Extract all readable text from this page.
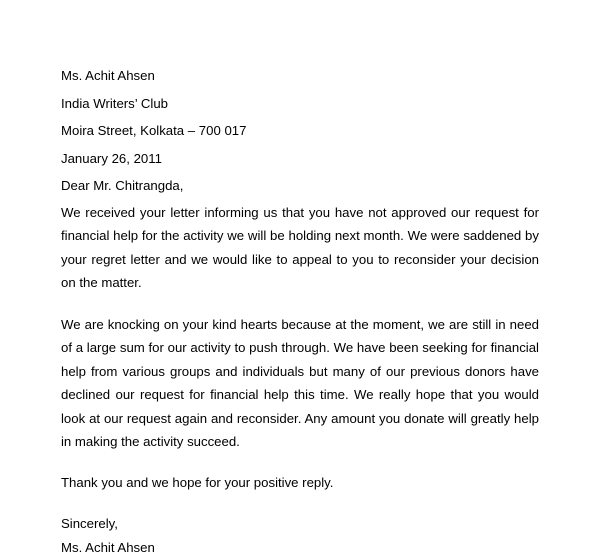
Ms. Achit Ahsen
India Writers’ Club
Moira Street, Kolkata – 700 017
January 26, 2011
Dear Mr. Chitrangda,
We received your letter informing us that you have not approved our request for financial help for the activity we will be holding next month. We were saddened by your regret letter and we would like to appeal to you to reconsider your decision on the matter.
We are knocking on your kind hearts because at the moment, we are still in need of a large sum for our activity to push through. We have been seeking for financial help from various groups and individuals but many of our previous donors have declined our request for financial help this time. We really hope that you would look at our request again and reconsider. Any amount you donate will greatly help in making the activity succeed.
Thank you and we hope for your positive reply.
Sincerely,
Ms. Achit Ahsen
